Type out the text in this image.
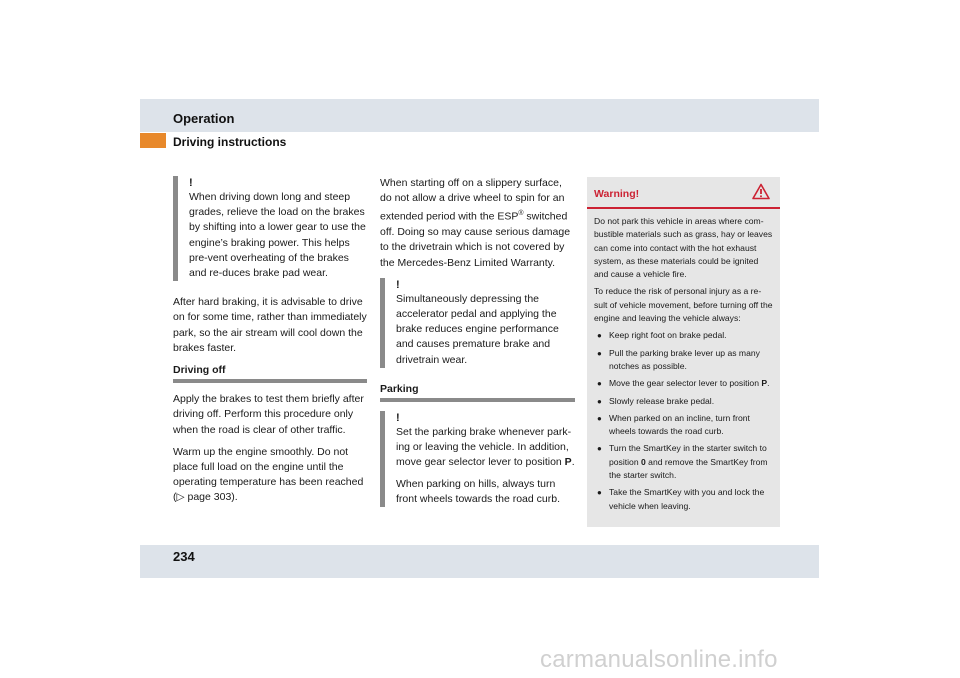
Operation
Driving instructions
!

When driving down long and steep grades, relieve the load on the brakes by shifting into a lower gear to use the engine’s braking power. This helps pre-vent overheating of the brakes and re-duces brake pad wear.

After hard braking, it is advisable to drive on for some time, rather than immediately park, so the air stream will cool down the brakes faster.

Driving off

Apply the brakes to test them briefly after driving off. Perform this procedure only when the road is clear of other traffic.

Warm up the engine smoothly. Do not place full load on the engine until the operating temperature has been reached (▷ page 303).

When starting off on a slippery surface, do not allow a drive wheel to spin for an extended period with the ESP® switched off. Doing so may cause serious damage to the drivetrain which is not covered by the Mercedes-Benz Limited Warranty.

!

Simultaneously depressing the accelerator pedal and applying the brake reduces engine performance and causes premature brake and drivetrain wear.

Parking
!

Set the parking brake whenever park-ing or leaving the vehicle. In addition, move gear selector lever to position P.

When parking on hills, always turn front wheels towards the road curb.

Warning!

Do not park this vehicle in areas where com-bustible materials such as grass, hay or leaves can come into contact with the hot exhaust system, as these materials could be ignited and cause a vehicle fire.

To reduce the risk of personal injury as a re-sult of vehicle movement, before turning off the engine and leaving the vehicle always:

● Keep right foot on brake pedal.
● Pull the parking brake lever up as many notches as possible.
● Move the gear selector lever to position P.
● Slowly release brake pedal.
● When parked on an incline, turn front wheels towards the road curb.
● Turn the SmartKey in the starter switch to position 0 and remove the SmartKey from the starter switch.
● Take the SmartKey with you and lock the vehicle when leaving.
234
carmanualsonline.info
